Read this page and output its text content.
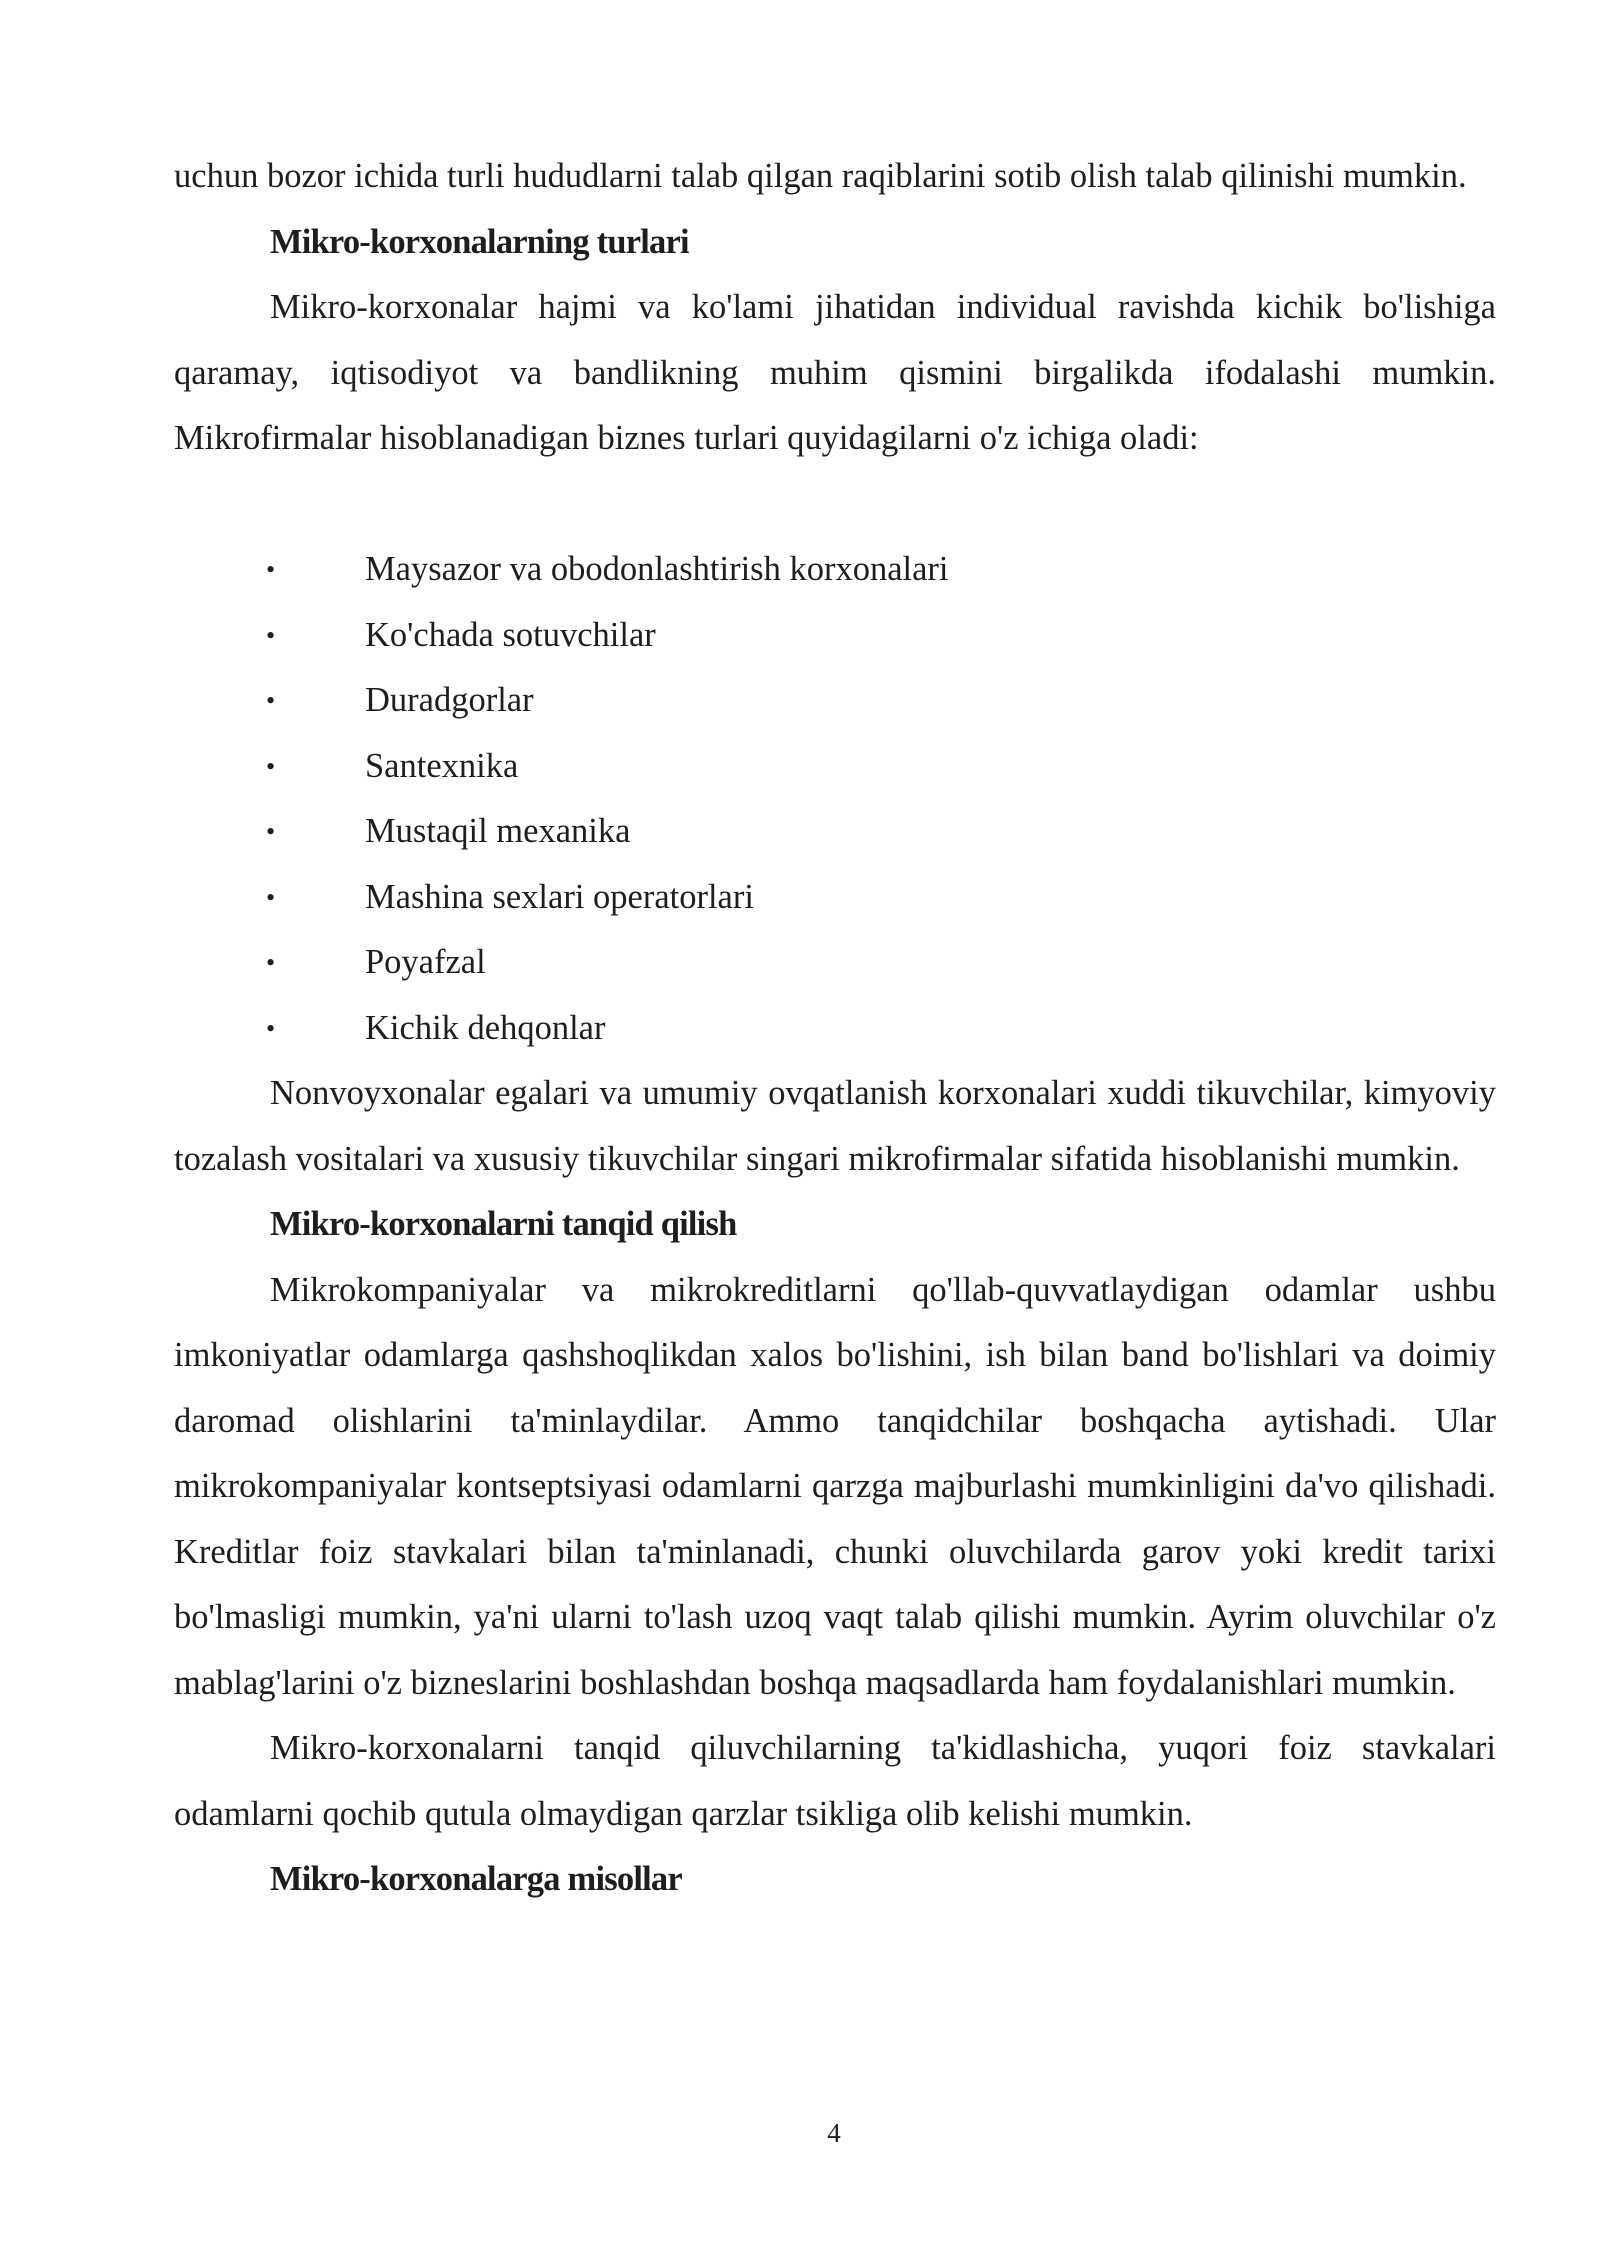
uchun bozor ichida turli hududlarni talab qilgan raqiblarini sotib olish talab qilinishi mumkin.

Mikro-korxonalarning turlari

Mikro-korxonalar hajmi va ko'lami jihatidan individual ravishda kichik bo'lishiga qaramay, iqtisodiyot va bandlikning muhim qismini birgalikda ifodalashi mumkin. Mikrofirmalar hisoblanadigan biznes turlari quyidagilarni o'z ichiga oladi:

•	Maysazor va obodonlashtirish korxonalari
•	Ko'chada sotuvchilar
•	Duradgorlar
•	Santexnika
•	Mustaqil mexanika
•	Mashina sexlari operatorlari
•	Poyafzal
•	Kichik dehqonlar

Nonvoyxonalar egalari va umumiy ovqatlanish korxonalari xuddi tikuvchilar, kimyoviy tozalash vositalari va xususiy tikuvchilar singari mikrofirmalar sifatida hisoblanishi mumkin.

Mikro-korxonalarni tanqid qilish

Mikrokompaniyalar va mikrokreditlarni qo'llab-quvvatlaydigan odamlar ushbu imkoniyatlar odamlarga qashshoqlikdan xalos bo'lishini, ish bilan band bo'lishlari va doimiy daromad olishlarini ta'minlaydilar. Ammo tanqidchilar boshqacha aytishadi. Ular mikrokompaniyalar kontseptsiyasi odamlarni qarzga majburlashi mumkinligini da'vo qilishadi. Kreditlar foiz stavkalari bilan ta'minlanadi, chunki oluvchilarda garov yoki kredit tarixi bo'lmasligi mumkin, ya'ni ularni to'lash uzoq vaqt talab qilishi mumkin. Ayrim oluvchilar o'z mablag'larini o'z bizneslarini boshlashdan boshqa maqsadlarda ham foydalanishlari mumkin.

Mikro-korxonalarni tanqid qiluvchilarning ta'kidlashicha, yuqori foiz stavkalari odamlarni qochib qutula olmaydigan qarzlar tsikliga olib kelishi mumkin.

Mikro-korxonalarga misollar

4
